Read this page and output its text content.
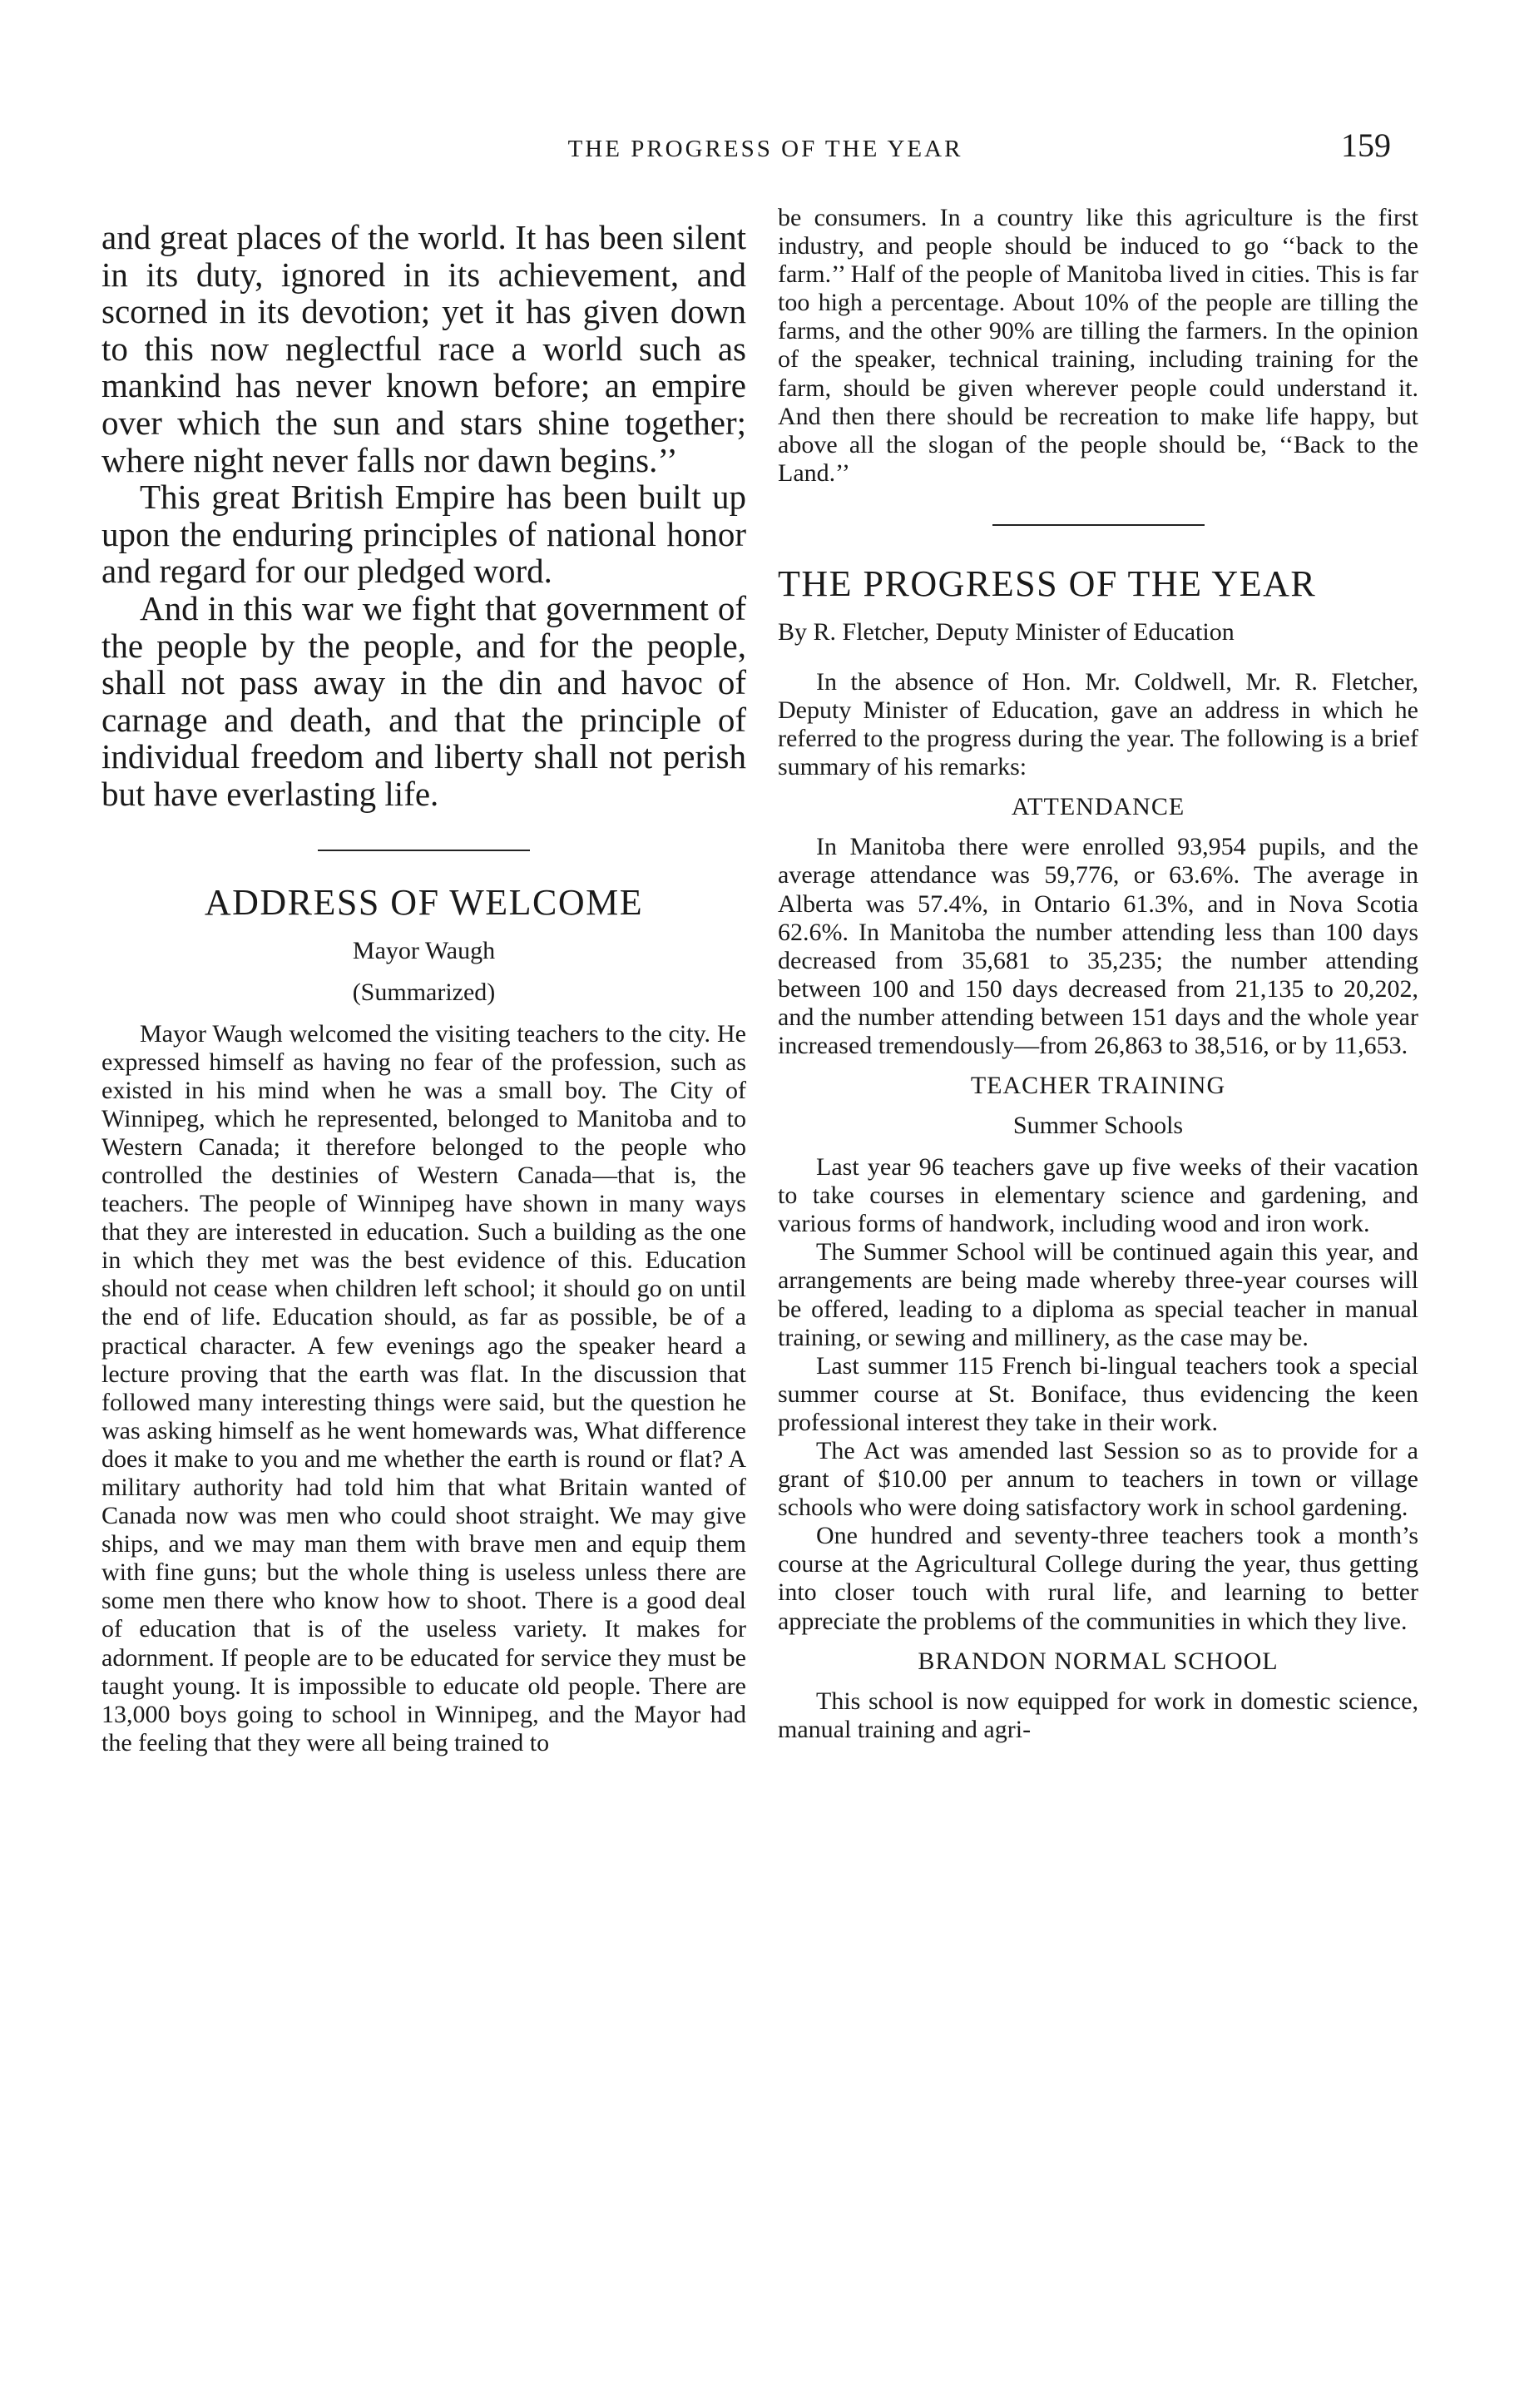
THE PROGRESS OF THE YEAR	159

and great places of the world. It has been silent in its duty, ignored in its achievement, and scorned in its devotion; yet it has given down to this now neglectful race a world such as mankind has never known before; an empire over which the sun and stars shine together; where night never falls nor dawn begins.’’

This great British Empire has been built up upon the enduring principles of national honor and regard for our pledged word.

And in this war we fight that government of the people by the people, and for the people, shall not pass away in the din and havoc of carnage and death, and that the principle of individual freedom and liberty shall not perish but have everlasting life.

ADDRESS OF WELCOME
Mayor Waugh
(Summarized)

Mayor Waugh welcomed the visiting teachers to the city. He expressed himself as having no fear of the profession, such as existed in his mind when he was a small boy. The City of Winnipeg, which he represented, belonged to Manitoba and to Western Canada; it therefore belonged to the people who controlled the destinies of Western Canada—that is, the teachers. The people of Winnipeg have shown in many ways that they are interested in education. Such a building as the one in which they met was the best evidence of this. Education should not cease when children left school; it should go on until the end of life. Education should, as far as possible, be of a practical character. A few evenings ago the speaker heard a lecture proving that the earth was flat. In the discussion that followed many interesting things were said, but the question he was asking himself as he went homewards was, What difference does it make to you and me whether the earth is round or flat? A military authority had told him that what Britain wanted of Canada now was men who could shoot straight. We may give ships, and we may man them with brave men and equip them with fine guns; but the whole thing is useless unless there are some men there who know how to shoot. There is a good deal of education that is of the useless variety. It makes for adornment. If people are to be educated for service they must be taught young. It is impossible to educate old people. There are 13,000 boys going to school in Winnipeg, and the Mayor had the feeling that they were all being trained to

be consumers. In a country like this agriculture is the first industry, and people should be induced to go ‘‘back to the farm.’’ Half of the people of Manitoba lived in cities. This is far too high a percentage. About 10% of the people are tilling the farms, and the other 90% are tilling the farmers. In the opinion of the speaker, technical training, including training for the farm, should be given wherever people could understand it. And then there should be recreation to make life happy, but above all the slogan of the people should be, ‘‘Back to the Land.’’

THE PROGRESS OF THE YEAR
By R. Fletcher, Deputy Minister of Education

In the absence of Hon. Mr. Coldwell, Mr. R. Fletcher, Deputy Minister of Education, gave an address in which he referred to the progress during the year. The following is a brief summary of his remarks:

ATTENDANCE

In Manitoba there were enrolled 93,954 pupils, and the average attendance was 59,776, or 63.6%. The average in Alberta was 57.4%, in Ontario 61.3%, and in Nova Scotia 62.6%. In Manitoba the number attending less than 100 days decreased from 35,681 to 35,235; the number attending between 100 and 150 days decreased from 21,135 to 20,202, and the number attending between 151 days and the whole year increased tremendously—from 26,863 to 38,516, or by 11,653.

TEACHER TRAINING
Summer Schools

Last year 96 teachers gave up five weeks of their vacation to take courses in elementary science and gardening, and various forms of handwork, including wood and iron work.

The Summer School will be continued again this year, and arrangements are being made whereby three-year courses will be offered, leading to a diploma as special teacher in manual training, or sewing and millinery, as the case may be.

Last summer 115 French bi-lingual teachers took a special summer course at St. Boniface, thus evidencing the keen professional interest they take in their work.

The Act was amended last Session so as to provide for a grant of $10.00 per annum to teachers in town or village schools who were doing satisfactory work in school gardening.

One hundred and seventy-three teachers took a month’s course at the Agricultural College during the year, thus getting into closer touch with rural life, and learning to better appreciate the problems of the communities in which they live.

BRANDON NORMAL SCHOOL

This school is now equipped for work in domestic science, manual training and agri-
